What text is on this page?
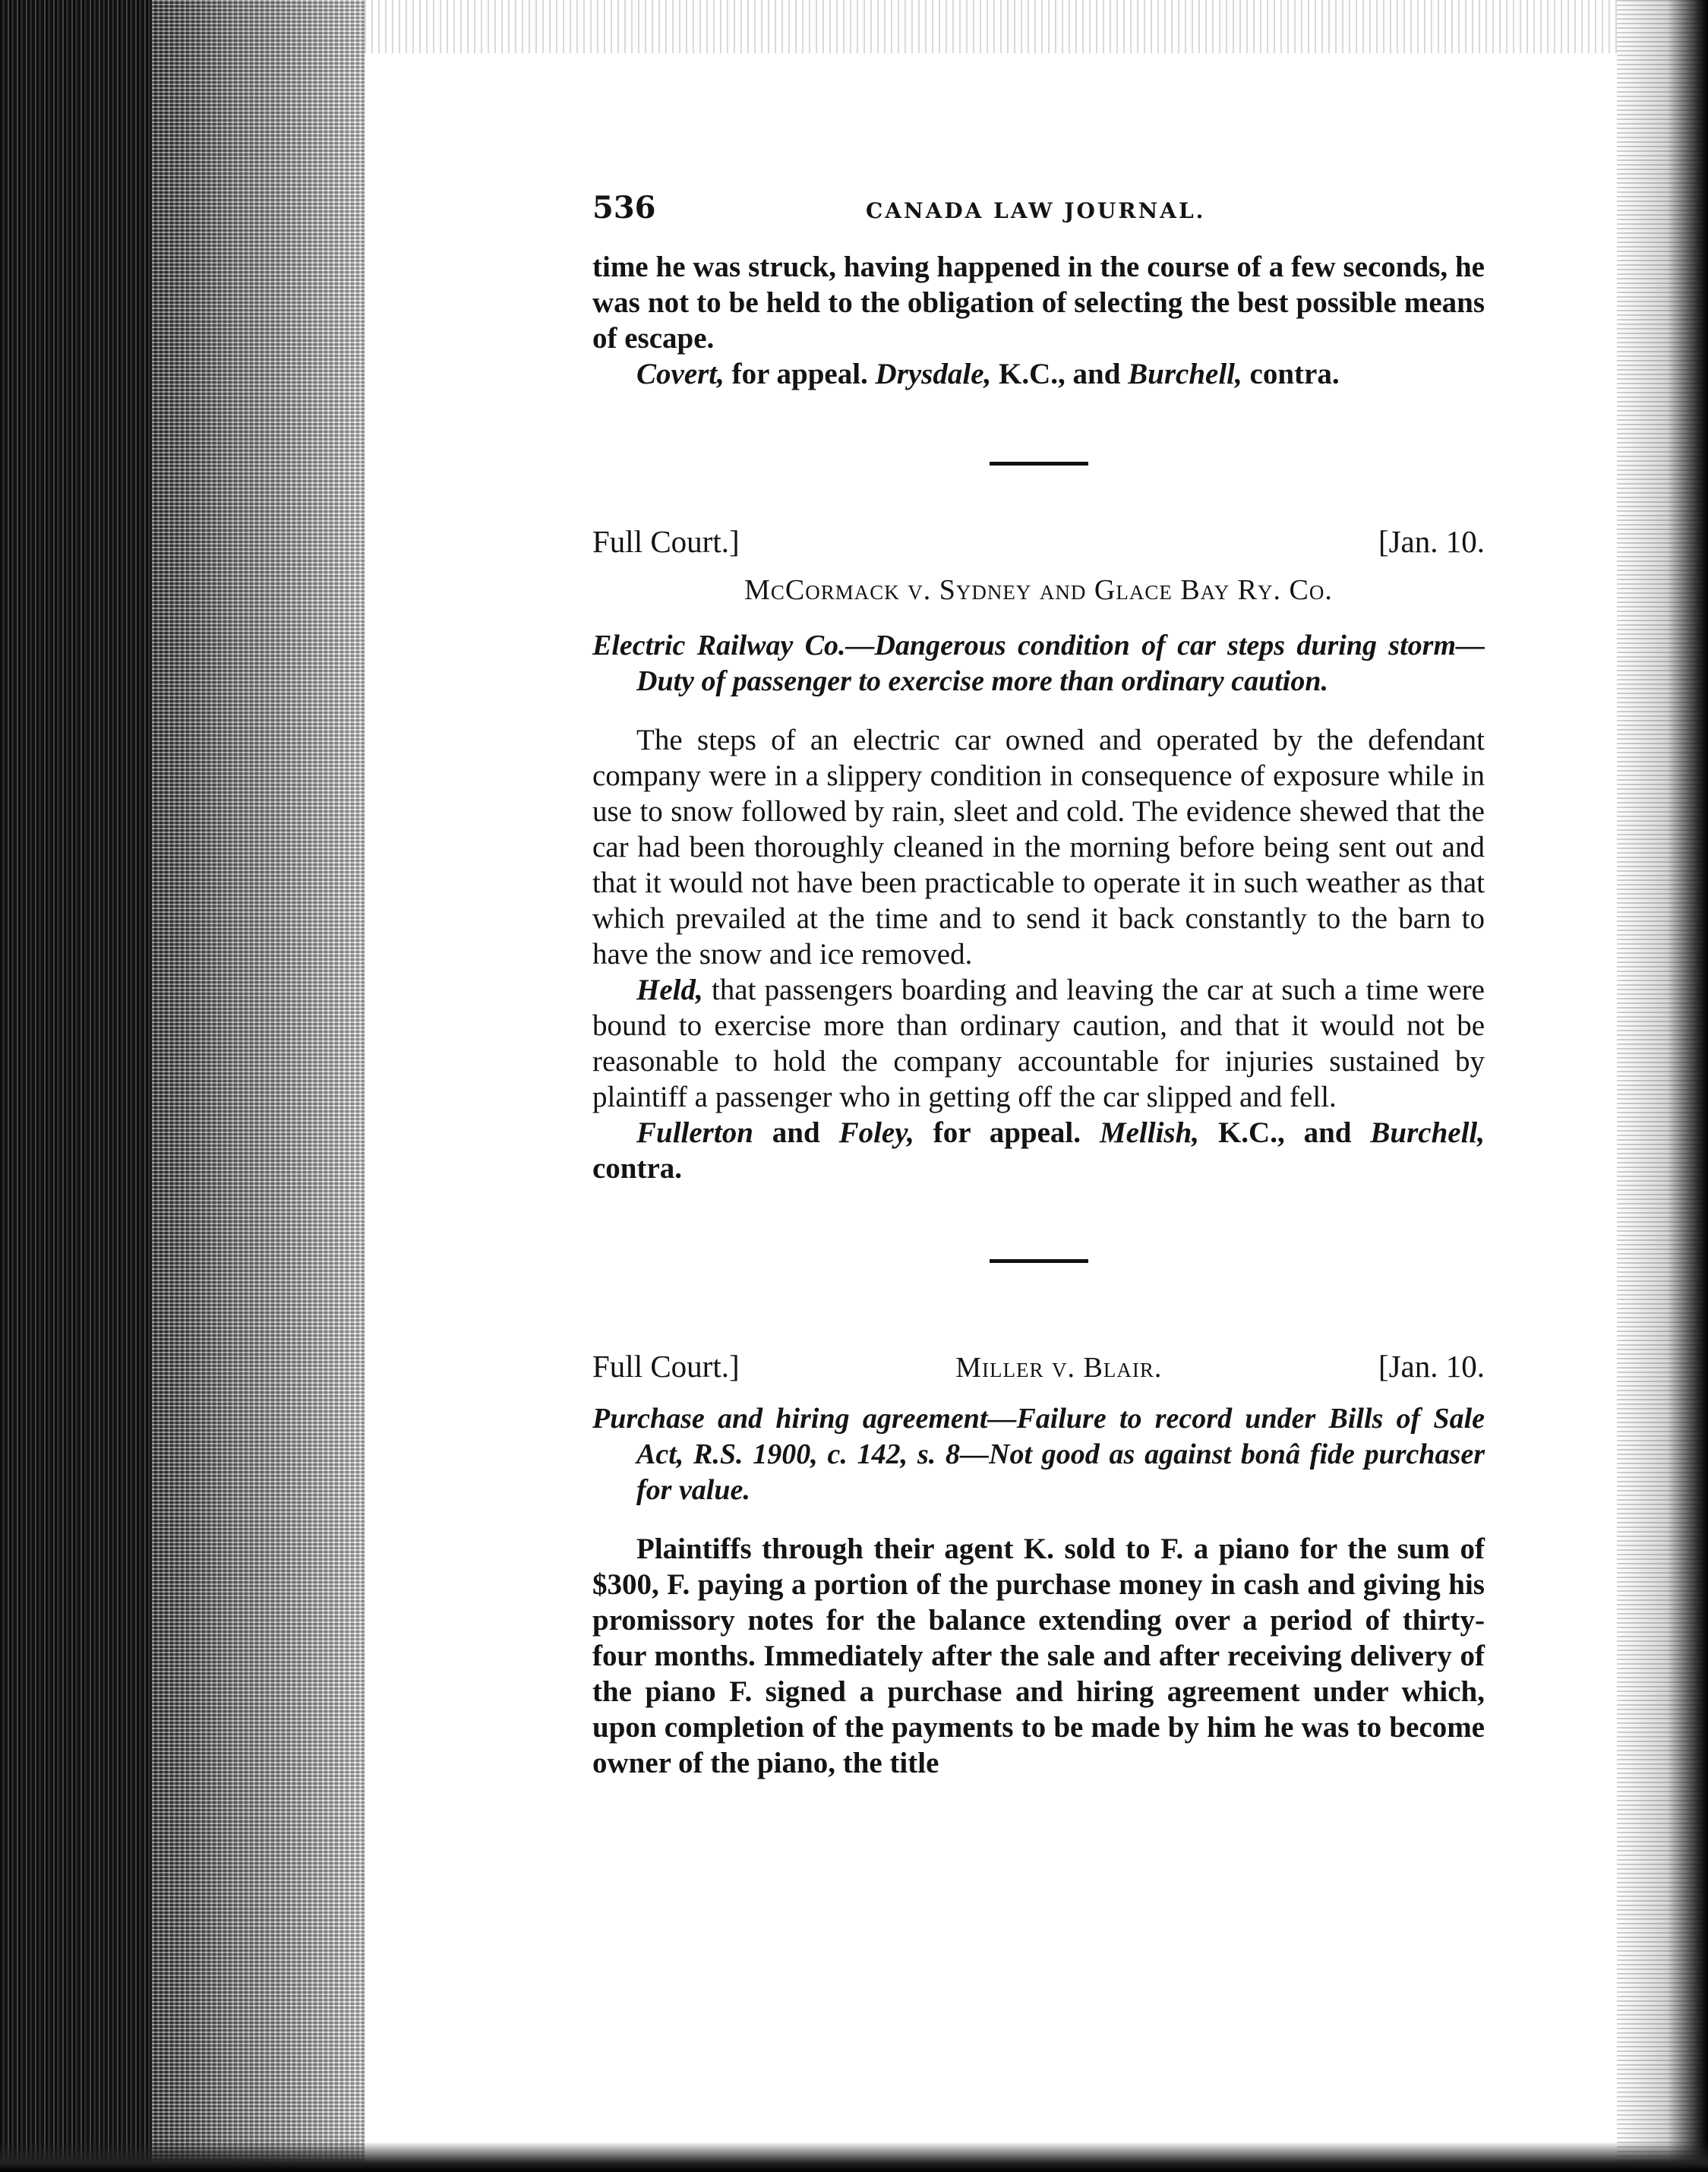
536	CANADA LAW JOURNAL.

time he was struck, having happened in the course of a few seconds, he was not to be held to the obligation of selecting the best possible means of escape.

Covert, for appeal. Drysdale, K.C., and Burchell, contra.

Full Court.]	[Jan. 10.

McCormack v. Sydney and Glace Bay Ry. Co.

Electric Railway Co.—Dangerous condition of car steps during storm—Duty of passenger to exercise more than ordinary caution.

The steps of an electric car owned and operated by the defendant company were in a slippery condition in consequence of exposure while in use to snow followed by rain, sleet and cold. The evidence shewed that the car had been thoroughly cleaned in the morning before being sent out and that it would not have been practicable to operate it in such weather as that which prevailed at the time and to send it back constantly to the barn to have the snow and ice removed.

Held, that passengers boarding and leaving the car at such a time were bound to exercise more than ordinary caution, and that it would not be reasonable to hold the company accountable for injuries sustained by plaintiff a passenger who in getting off the car slipped and fell.

Fullerton and Foley, for appeal. Mellish, K.C., and Burchell, contra.

Full Court.]	Miller v. Blair.	[Jan. 10.

Purchase and hiring agreement—Failure to record under Bills of Sale Act, R.S. 1900, c. 142, s. 8—Not good as against bonâ fide purchaser for value.

Plaintiffs through their agent K. sold to F. a piano for the sum of $300, F. paying a portion of the purchase money in cash and giving his promissory notes for the balance extending over a period of thirty-four months. Immediately after the sale and after receiving delivery of the piano F. signed a purchase and hiring agreement under which, upon completion of the payments to be made by him he was to become owner of the piano, the title
